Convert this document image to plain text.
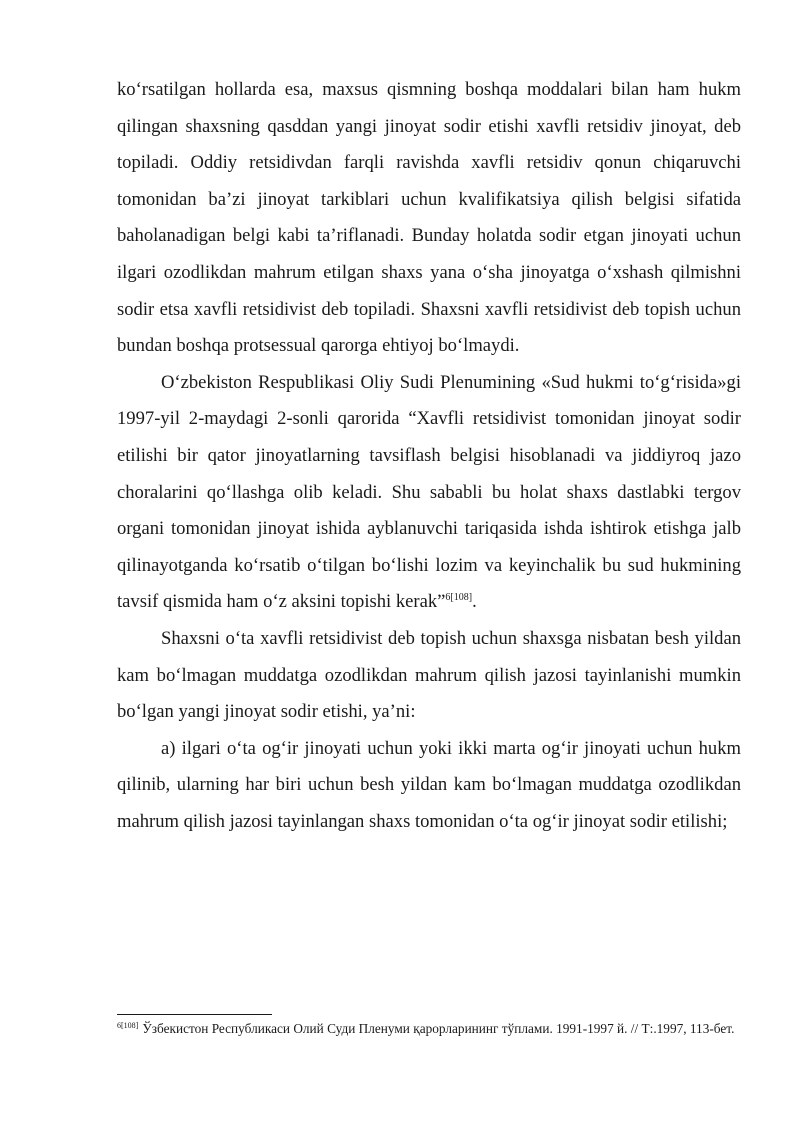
koʻrsatilgan hollarda esa, maxsus qismning boshqa moddalari bilan ham hukm qilingan shaxsning qasddan yangi jinoyat sodir etishi xavfli retsidiv jinoyat, deb topiladi. Oddiy retsidivdan farqli ravishda xavfli retsidiv qonun chiqaruvchi tomonidan baʼzi jinoyat tarkiblari uchun kvalifikatsiya qilish belgisi sifatida baholanadigan belgi kabi taʼriflanadi. Bunday holatda sodir etgan jinoyati uchun ilgari ozodlikdan mahrum etilgan shaxs yana oʻsha jinoyatga oʻxshash qilmishni sodir etsa xavfli retsidivist deb topiladi. Shaxsni xavfli retsidivist deb topish uchun bundan boshqa protsessual qarorga ehtiyoj boʻlmaydi.

Oʻzbekiston Respublikasi Oliy Sudi Plenumining «Sud hukmi toʻgʻrisida»gi 1997-yil 2-maydagi 2-sonli qarorida “Xavfli retsidivist tomonidan jinoyat sodir etilishi bir qator jinoyatlarning tavsiflash belgisi hisoblanadi va jiddiyroq jazo choralarini qoʻllashga olib keladi. Shu sababli bu holat shaxs dastlabki tergov organi tomonidan jinoyat ishida ayblanuvchi tariqasida ishda ishtirok etishga jalb qilinayotganda koʻrsatib oʻtilgan boʻlishi lozim va keyinchalik bu sud hukmining tavsif qismida ham oʻz aksini topishi kerak”$^{6[108]}$.

Shaxsni oʻta xavfli retsidivist deb topish uchun shaxsga nisbatan besh yildan kam boʻlmagan muddatga ozodlikdan mahrum qilish jazosi tayinlanishi mumkin boʻlgan yangi jinoyat sodir etishi, yaʼni:

a) ilgari oʻta ogʻir jinoyati uchun yoki ikki marta ogʻir jinoyati uchun hukm qilinib, ularning har biri uchun besh yildan kam boʻlmagan muddatga ozodlikdan mahrum qilish jazosi tayinlangan shaxs tomonidan oʻta ogʻir jinoyat sodir etilishi;

$^{6[108]}$ Ўзбекистон Республикаси Олий Суди Пленуми қарорларининг тўплами. 1991-1997 й. // Т:.1997, 113-бет.
